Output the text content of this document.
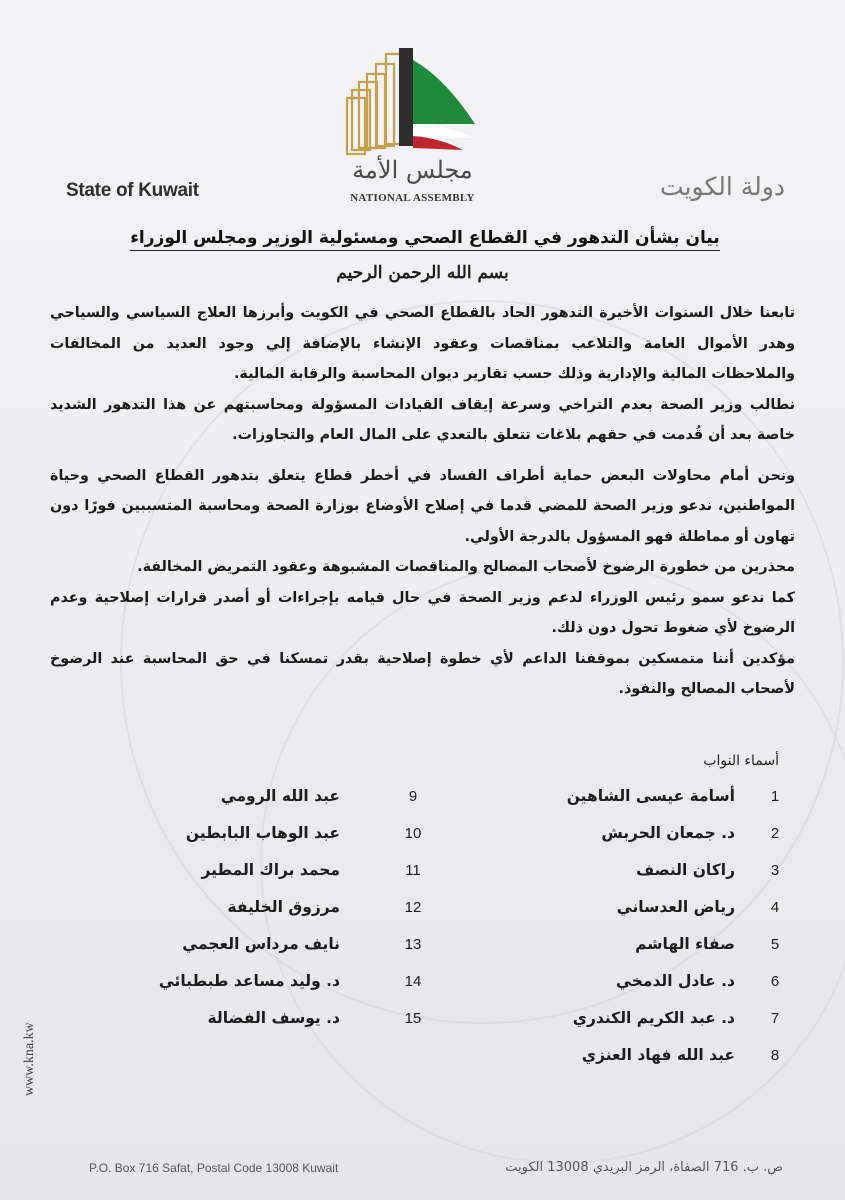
مجلس الأمة
NATIONAL ASSEMBLY
State of Kuwait	دولة الكويت
بيان بشأن التدهور في القطاع الصحي ومسئولية الوزير ومجلس الوزراء
بسم الله الرحمن الرحيم

تابعنا خلال السنوات الأخيرة التدهور الحاد بالقطاع الصحي في الكويت وأبرزها العلاج السياسي والسياحي وهدر الأموال العامة والتلاعب بمناقصات وعقود الإنشاء بالإضافة إلي وجود العديد من المخالفات والملاحظات المالية والإدارية وذلك حسب تقارير ديوان المحاسبة والرقابة المالية.

نطالب وزير الصحة بعدم التراخي وسرعة إيقاف القيادات المسؤولة ومحاسبتهم عن هذا التدهور الشديد خاصة بعد أن قُدمت في حقهم بلاغات تتعلق بالتعدي على المال العام والتجاوزات.

ونحن أمام محاولات البعض حماية أطراف الفساد في أخطر قطاع يتعلق بتدهور القطاع الصحي وحياة المواطنين، ندعو وزير الصحة للمضي قدما في إصلاح الأوضاع بوزارة الصحة ومحاسبة المتسببين فورًا دون تهاون أو مماطلة فهو المسؤول بالدرجة الأولي.

محذرين من خطورة الرضوخ لأصحاب المصالح والمناقصات المشبوهة وعقود التمريض المخالفة.

كما ندعو سمو رئيس الوزراء لدعم وزير الصحة في حال قيامه بإجراءات أو أصدر قرارات إصلاحية وعدم الرضوخ لأي ضغوط تحول دون ذلك.

مؤكدين أننا متمسكين بموقفنا الداعم لأي خطوة إصلاحية بقدر تمسكنا في حق المحاسبة عند الرضوخ لأصحاب المصالح والنفوذ.

أسماء النواب
1
أسامة عيسى الشاهين
2
د. جمعان الحربش
3
راكان النصف
4
رياض العدساني
5
صفاء الهاشم
6
د. عادل الدمخي
7
د. عبد الكريم الكندري
8
عبد الله فهاد العنزي
9
عبد الله الرومي
10
عبد الوهاب البابطين
11
محمد براك المطير
12
مرزوق الخليفة
13
نايف مرداس العجمي
14
د. وليد مساعد طبطبائي
15
د. يوسف الفضالة
www.kna.kw
P.O. Box 716 Safat, Postal Code 13008 Kuwait	ص. ب. 716 الصفاة، الرمز البريدي 13008 الكويت
